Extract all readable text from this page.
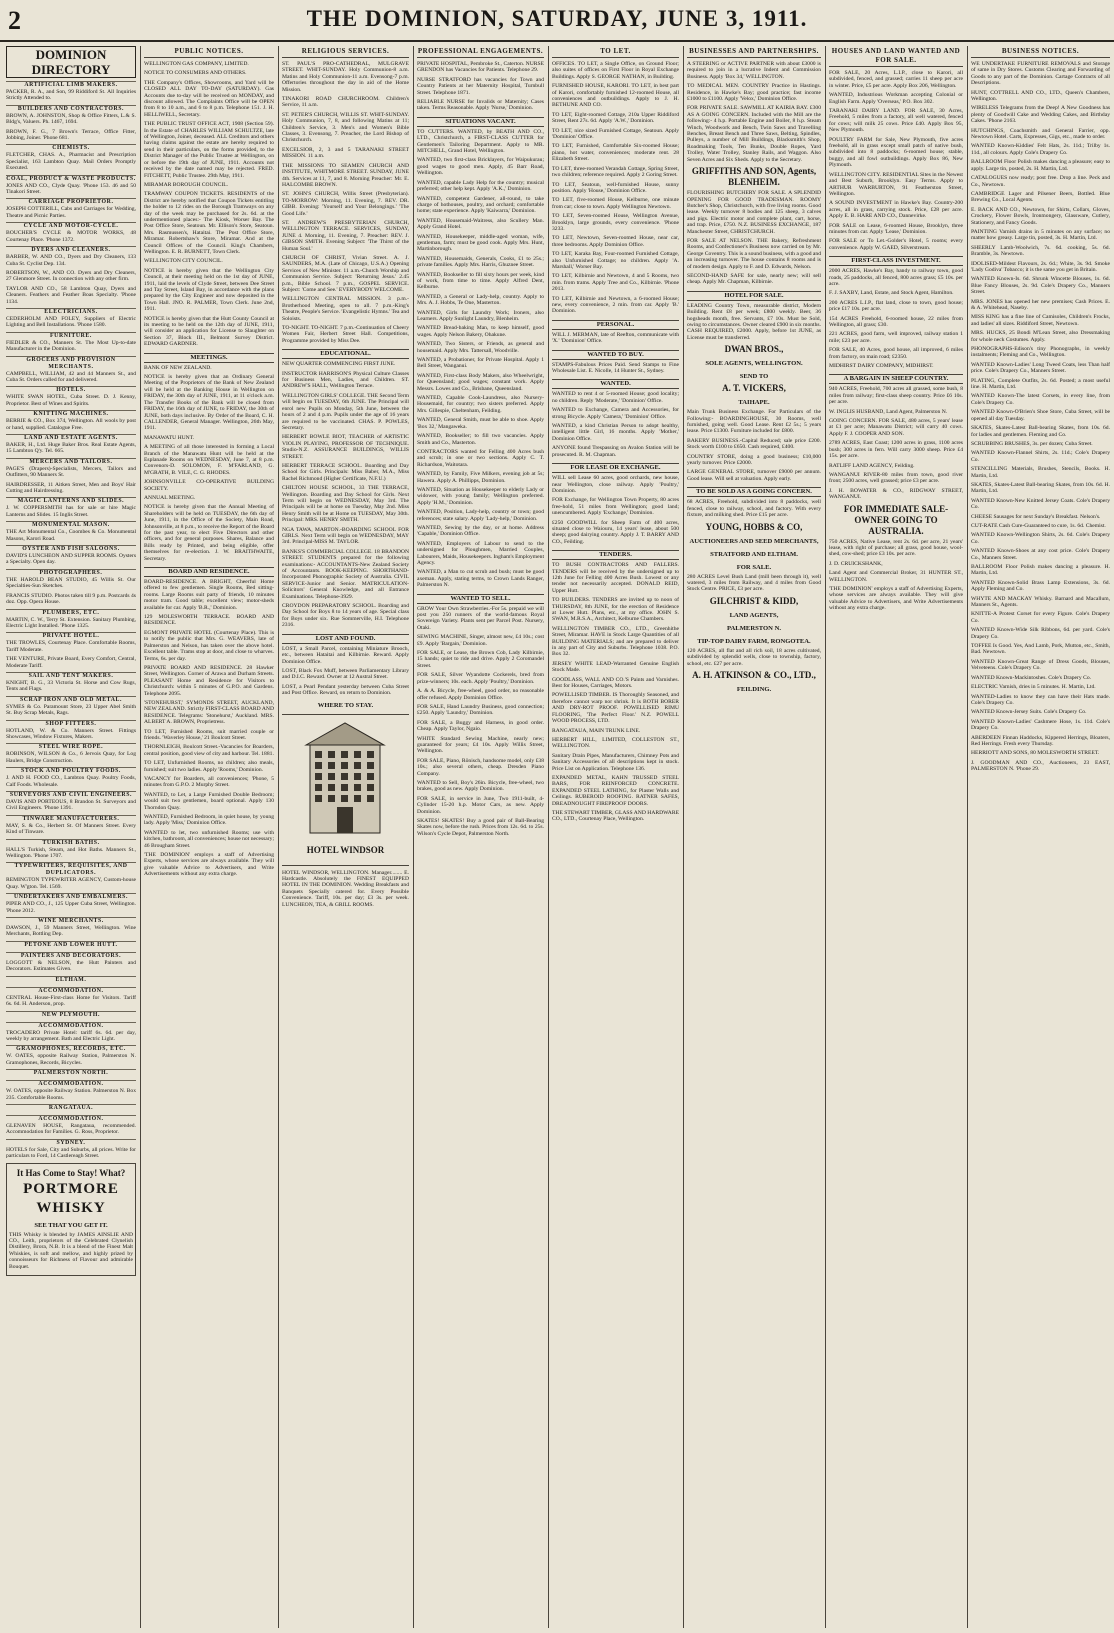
2	THE DOMINION, SATURDAY, JUNE 3, 1911.
DOMINION DIRECTORY
ARTIFICIAL LIMB MAKERS.
PACKER, R. A., and Son, 99 Riddiford St. All Inquiries Strictly Attended to.
BUILDERS AND CONTRACTORS.
BROWN, A. JOHNSTON, Shop & Office Fitters, L.& S. Bldg's, Valuers. Ph. 1467, 1694.
BROWN, F. G., 7 Brown's Terrace, Office Fitter, Jobbing, Joiner. 'Phone 681.
CHEMISTS.
FLETCHER, CHAS. A., Pharmacist and Prescription Specialist, 163 Lambton Quay. Mail Orders Promptly Executed.
COAL, PRODUCT & WASTE PRODUCTS.
JONES AND CO., Clyde Quay. 'Phone 153. 46 and 50 Tinakori Street.
CARRIAGE PROPRIETOR.
JOSEPH COTTERILL, Cabs and Carriages for Wedding, Theatre and Picnic Parties.
CYCLE AND MOTOR-CYCLE.
BOUCHER'S CYCLE & MOTOR WORKS, 48 Courtenay Place. 'Phone 1372.
DYERS AND CLEANERS.
BARBER, W. AND CO., Dyers and Dry Cleaners, 133 Cuba St. Cyclist Dep. 134.
ROBERTSON, W., AND CO. Dyers and Dry Cleaners, 27 Glenmore Street. In connection with any other firm.
TAYLOR AND CO., 58 Lambton Quay, Dyers and Cleaners. Feathers and Feather Boas Specialty. 'Phone 1134.
ELECTRICIANS.
CEDERHOLM AND FOLEY, Suppliers of Electric Lighting and Bell Installations. 'Phone 1580.
FURNITURE.
FIEDLER & CO., Manners St. The Most Up-to-date Manufacturer in the Dominion.
GROCERS AND PROVISION MERCHANTS.
CAMPBELL, WILLIAM, 42 and 44 Manners St., and Cuba St. Orders called for and delivered.
HOTELS.
WHITE SWAN HOTEL, Cuba Street. D. J. Kenny, Proprietor. Best of Wines and Spirits.
KNITTING MACHINES.
BERRIE & CO., Box 374, Wellington. All wools by post or hand, supplied. Catalogue Free.
LAND AND ESTATE AGENTS.
BAKER, H., Ltd. Huge Baker Bros. Real Estate Agents, 15 Lambton Q'y. Tel. 665.
MERCERS AND TAILORS.
PAGE'S (Drapers)-Specialists, Mercers, Tailors and Outfitters, 90 Manners St.
HAIRDRESSER, 11 Aitken Street, Men and Boys' Hair Cutting and Hairdressing.
MAGIC LANTERNS AND SLIDES.
J. W. COPPERSMITH has for sale or hire Magic Lanterns and Slides. 15 Inglis Street.
MONUMENTAL MASON.
THE Art Monumental Co., Coombes & Co. Monumental Masons, Karori Road.
OYSTER AND FISH SALOONS.
DAVID'S LUNCHEON AND SUPPER ROOMS. Oysters a Specialty. Open day.
PHOTOGRAPHERS.
THE HAROLD BEAN STUDIO, 45 Willis St. Our Specialties-Sun Sketches.
FRANCIS STUDIO. Photos taken till 9 p.m. Postcards 4s doz. Opp. Opera House.
PLUMBERS, ETC.
MARTIN, C. W., Terry St. Extension. Sanitary Plumbing, Electric Light Installed. 'Phone 1325.
PRIVATE HOTEL.
THE TROWLES, Courtenay Place. Comfortable Rooms, Tariff Moderate.
THE VENTURE, Private Board, Every Comfort, Central, Moderate Tariff.
SAIL AND TENT MAKERS.
KNIGHT, B. G., 33 Victoria St. Horse and Cow Rugs, Tents and Flags.
SCRAP IRON AND OLD METAL.
SYMES & Co. Paramount Store, 23 Upper Abel Smith St. Buy Scrap Metals, Rags.
SHOP FITTERS.
HOTLAND, W. & Co. Manners Street. Fittings Showcases, Window Fixtures, Makers.
STEEL WIRE ROPE.
ROBINSON, WILSON & Co., 6 Jervois Quay, for Log Haulers, Bridge Construction.
STOCK AND POULTRY FOODS.
J. AND H. FOOD CO., Lambton Quay. Poultry Foods, Calf Foods. Wholesale.
SURVEYORS AND CIVIL ENGINEERS.
DAVIS AND PORTEOUS, 8 Brandon St. Surveyors and Civil Engineers. 'Phone 1391.
TINWARE MANUFACTURERS.
MAY, S. & Co., Herbert St. Of Manners Street. Every Kind of Tinware.
TURKISH BATHS.
HALL'S Turkish, Steam, and Hot Baths. Manners St., Wellington. 'Phone 1707.
TYPEWRITERS, REQUISITES, AND DUPLICATORS.
REMINGTON TYPEWRITER AGENCY, Custom-house Quay. W'gton. Tel. 1569.
UNDERTAKERS AND EMBALMERS.
PIPER AND CO., J., 125 Upper Cuba Street, Wellington. 'Phone 2012.
WINE MERCHANTS.
DAWSON, J., 59 Manners Street, Wellington. Wine Merchants, Bottling Dep.
PETONE AND LOWER HUTT.
PAINTERS AND DECORATORS.
LOGGOTT & NELSON, the Hutt Painters and Decorators. Estimates Given.
ELTHAM.
ACCOMMODATION.
CENTRAL House-First-class Home for Visitors. Tariff 6s. 6d. H. Anderson, prop.
NEW PLYMOUTH.
ACCOMMODATION.
TROCADERO Private Hotel: tariff 6s. 6d. per day, weekly by arrangement. Bath and Electric Light.
GRAMOPHONES, RECORDS, ETC.
W. OATES, opposite Railway Station, Palmerston N. Gramophones, Records, Bicycles.
PALMERSTON NORTH.
ACCOMMODATION.
W. OATES, opposite Railway Station. Palmerston N. Box 235. Comfortable Rooms.
RANGATAUA.
ACCOMMODATION.
GLENAVEN HOUSE, Rangataua, recommended. Accommodation for Families. G. Ross, Proprietor.
SYDNEY.
HOTELS for Sale, City and Suburbs, all prices. Write for particulars to Ford, 14 Castlereagh Street.
It Has Come to Stay! What?
PORTMORE
WHISKY
SEE THAT YOU GET IT.
THIS Whisky is blended by JAMES AINSLIE AND CO., Leith, proprietors of the Celebrated Clynelish Distillery, Brora, N.B. It is a blend of the Finest Malt Whiskies, is soft and mellow, and highly prized by connoisseurs for Richness of Flavour and admirable Bouquet.
PUBLIC NOTICES.
WELLINGTON GAS COMPANY, LIMITED.
NOTICE TO CONSUMERS AND OTHERS.
THE Company's Offices, Showrooms, and Yard will be CLOSED ALL DAY TO-DAY (SATURDAY). Gas Accounts due to-day will be received on MONDAY, and discount allowed. The Complaints Office will be OPEN from 8 to 10 a.m., and 6 to 8 p.m. Telephone 151. J. H. HELLIWELL, Secretary.
THE PUBLIC TRUST OFFICE ACT, 1908 (Section 59). In the Estate of CHARLES WILLIAM SCHULTZE, late of Wellington, Joiner, deceased. ALL Creditors and others having claims against the estate are hereby required to send in their particulars, on the forms provided, to the District Manager of the Public Trustee at Wellington, on or before the 19th day of JUNE, 1911. Accounts not received by the date named may be rejected. FRED. FITCHETT, Public Trustee. 29th May, 1911.
MIRAMAR BOROUGH COUNCIL.
TRAMWAY COUPON TICKETS. RESIDENTS of the District are hereby notified that Coupon Tickets entitling the holder to 12 rides on the Borough Tramways on any day of the week may be purchased for 2s. 6d. at the undermentioned places:- The Kiosk, Worser Bay. The Post Office Store, Seatoun. Mr. Ellison's Store, Seatoun. Mrs. Rasmussen's, Hataitai. The Post Office Store, Miramar. Robertshaw's Store, Miramar. And at the Council Offices of the Council. King's Chambers, Wellington. E. R. BURNETT, Town Clerk.
WELLINGTON CITY COUNCIL.
NOTICE is hereby given that the Wellington City Council, at their meeting held on the 1st day of JUNE, 1911, laid the levels of Clyde Street, between Dee Street and Tay Street, Island Bay, in accordance with the plans prepared by the City Engineer and now deposited in the Town Hall. JNO. R. PALMER, Town Clerk. June 2nd, 1911.
NOTICE is hereby given that the Hutt County Council at its meeting to be held on the 12th day of JUNE, 1911, will consider an application for License to Slaughter on Section 37, Block III., Belmont Survey District. EDWARD GARDNER.
MEETINGS.
BANK OF NEW ZEALAND.
NOTICE is hereby given that an Ordinary General Meeting of the Proprietors of the Bank of New Zealand will be held at the Banking House in Wellington on FRIDAY, the 30th day of JUNE, 1911, at 11 o'clock a.m. The Transfer Books of the Bank will be closed from FRIDAY, the 16th day of JUNE, to FRIDAY, the 30th of JUNE, both days inclusive. By Order of the Board, C. H. CALLENDER, General Manager. Wellington, 26th May, 1911.
MANAWATU HUNT.
A MEETING of all those interested in forming a Local Branch of the Manawatu Hunt will be held at the Esplanade Rooms on WEDNESDAY, June 7, at 8 p.m. Convenors-D. SOLOMON, F. M'FARLAND, G. M'GRATH, B. VILE, C. G. RHODES.
JOHNSONVILLE CO-OPERATIVE BUILDING SOCIETY.
ANNUAL MEETING.
NOTICE is hereby given that the Annual Meeting of Shareholders will be held on TUESDAY, the 6th day of June, 1911, in the Office of the Society, Main Road, Johnsonville, at 8 p.m., to receive the Report of the Board for the past year, to elect Five Directors and other officers, and for general purposes. Shares, Balance and Bills ready by Printed, and being eligible, offer themselves for re-election. J. W. BRAITHWAITE, Secretary.
BOARD AND RESIDENCE.
BOARD-RESIDENCE. A BRIGHT, Cheerful Home offered to few gentlemen. Single Rooms, Bed sitting-rooms. Large Rooms suit party of friends, 10 minutes motor tram. Good table; excellent view; motor-sheds available for car. Apply 'B.R.,' Dominion.
129 MOLESWORTH TERRACE. BOARD AND RESIDENCE.
EGMONT PRIVATE HOTEL (Courtenay Place). This is to notify the public that Mrs. G. WEAVERS, late of Palmerston and Nelson, has taken over the above hotel. Excellent table. Trams stop at door, and close to wharves. Terms, 6s. per day.
PRIVATE BOARD AND RESIDENCE. 28 Hawker Street, Wellington. Corner of Arawa and Durham Streets. PLEASANT Home and Residence for Visitors to Christchurch: within 5 minutes of G.P.O. and Gardens. Telephone 2095.
'STONEHURST,' SYMONDS STREET, AUCKLAND, NEW ZEALAND. Strictly FIRST-CLASS BOARD AND RESIDENCE. Telegrams: 'Stonehurst,' Auckland. MRS. ALBERT A. BROWN, Proprietress.
TO LET, Furnished Rooms, suit married couple or friends. 'Waverley House,' 21 Boulcott Street.
THORNLEIGH, Boulcott Street.-Vacancies for Boarders, central position, good view of city and harbour. Tel. 1881.
TO LET, Unfurnished Rooms, no children; also meals, furnished; suit two ladies. Apply 'Rooms,' Dominion.
VACANCY for Boarders, all conveniences; 'Phone, 5 minutes from G.P.O. 2 Murphy Street.
WANTED, to Let, a Large Furnished Double Bedroom; would suit two gentlemen, board optional. Apply 130 Thorndon Quay.
WANTED, Furnished Bedroom, in quiet house, by young lady. Apply 'Miss,' Dominion Office.
WANTED to let, two unfurnished Rooms; use with kitchen, bathroom, all conveniences; house not necessary; 46 Brougham Street.
'THE DOMINION' employs a staff of Advertising Experts, whose services are always available. They will give valuable Advice to Advertisers, and Write Advertisements without any extra charge.
RELIGIOUS SERVICES.
ST. PAUL'S PRO-CATHEDRAL, MULGRAVE STREET. WHIT-SUNDAY. Holy Communion-8 a.m. Matins and Holy Communion-11 a.m. Evensong-7 p.m. Offertories throughout the day in aid of the Home Mission.
TINAKORI ROAD CHURCHROOM. Children's Service, 11 a.m.
ST. PETER'S CHURCH, WILLIS ST. WHIT-SUNDAY. Holy Communion, 7, 8, and following Matins at 11; Children's Service, 3. Men's and Women's Bible Classes, 3. Evensong, 7. Preacher, the Lord Bishop of Christchurch.
EXCELSIOR, 2, 3 and 5 TARANAKI STREET MISSION. 11 a.m.
THE MISSIONS TO SEAMEN CHURCH AND INSTITUTE, WHITMORE STREET. SUNDAY, JUNE 4th. Services at 11, 7, and 8. Morning Preacher: Mr. E. HALCOMBE BROWN.
ST. JOHN'S CHURCH, Willis Street (Presbyterian). TO-MORROW: Morning, 11. Evening, 7. REV. DR. GIBB. Evening: 'Yourself and Your Belongings.' 'The Good Life.'
ST. ANDREW'S PRESBYTERIAN CHURCH, WELLINGTON TERRACE. SERVICES, SUNDAY, JUNE 4. Morning, 11. Evening, 7. Preacher: REV. J. GIBSON SMITH. Evening Subject: 'The Thirst of the Human Soul.'
CHURCH OF CHRIST, Vivian Street. A. J. SAUNDERS, M.A. (Late of Chicago, U.S.A.) Opening Services of New Minister. 11 a.m.-Church Worship and Communion Service. Subject: 'Returning Jesus.' 2.45 p.m., Bible School. 7 p.m., GOSPEL SERVICE. Subject: 'Come and See.' EVERYBODY WELCOME.
WELLINGTON CENTRAL MISSION. 3 p.m.-Brotherhood Meeting, open to all. 7 p.m.-King's Theatre, People's Service. 'Evangelistic Hymns.' Tea and Soloists.
TO-NIGHT. TO-NIGHT. 7 p.m.-Continuation of Cheery Women Fair, Herbert Street Hall. Competitions, Programme provided by Miss Dee.
EDUCATIONAL.
NEW QUARTER COMMENCING FIRST JUNE.
INSTRUCTOR HARRISON'S Physical Culture Classes for Business Men, Ladies, and Children. ST. ANDREW'S HALL, Wellington Terrace.
WELLINGTON GIRLS' COLLEGE. THE Second Term will begin on TUESDAY, 6th JUNE. The Principal will enrol new Pupils on Monday, 5th June, between the hours of 2 and 4 p.m. Pupils under the age of 16 years are required to be vaccinated. CHAS. P. POWLES, Secretary.
HERBERT BOWLE BIOT, TEACHER of ARTISTIC VIOLIN PLAYING, PROFESSOR OF TECHNIQUE. Studio-N.Z. ASSURANCE BUILDINGS, WILLIS STREET.
HERBERT TERRACE SCHOOL. Boarding and Day School for Girls. Principals: Miss Baber, M.A., Miss Rachel Richmond (Higher Certificate, N.F.U.)
CHILTON HOUSE SCHOOL, 33 THE TERRACE, Wellington. Boarding and Day School for Girls. Next Term will begin on WEDNESDAY, May 3rd. The Principals will be at home on Tuesday, May 2nd. Miss Henry Smith will be at Home on TUESDAY, May 30th. Principal: MRS. HENRY SMITH.
NGA TAWA, MARTON.-BOARDING SCHOOL FOR GIRLS. Next Term will begin on WEDNESDAY, MAY 3rd. Principal-MISS M. TAYLOR.
BANKS'S COMMERCIAL COLLEGE. 18 BRANDON STREET. STUDENTS prepared for the following examinations:- ACCOUNTANTS-New Zealand Society of Accountants. BOOK-KEEPING. SHORTHAND-Incorporated Phonographic Society of Australia. CIVIL SERVICE-Junior and Senior. MATRICULATION-Solicitors' General Knowledge, and all Entrance Examinations. Telephone-3929.
CROYDON PREPARATORY SCHOOL. Boarding and Day School for Boys 8 to 14 years of age. Special class for Boys under six. Rue Sommerville, H.I. Telephone 2316.
LOST AND FOUND.
LOST, a Small Parcel, containing Miniature Brooch, etc., between Hataitai and Kilbirnie. Reward. Apply Dominion Office.
LOST, Black Fox Muff, between Parliamentary Library and D.I.C. Reward. Owner at 12 Austral Street.
LOST, a Pearl Pendant yesterday between Cuba Street and Post Office. Reward, on return to Dominion.
WHERE TO STAY.
HOTEL WINDSOR
HOTEL WINDSOR, WELLINGTON. Manager........ E. Hardcastle. Absolutely the FINEST EQUIPPED HOTEL IN THE DOMINION. Wedding Breakfasts and Banquets Specially catered for. Every Possible Convenience. Tariff, 10s. per day; £3 3s. per week. LUNCHEON, TEA, & GRILL ROOMS.
PROFESSIONAL ENGAGEMENTS.
PRIVATE HOSPITAL, Pembroke St., Caterton. NURSE GRENDON has Vacancies for Patients. Telephone 29.
NURSE STRATFORD has vacancies for Town and Country Patients at her Maternity Hospital, Turnbull Street. Telephone 1871.
RELIABLE NURSE for Invalids or Maternity; Cases taken. Terms Reasonable. Apply 'Nurse,' Dominion.
SITUATIONS VACANT.
TO CUTTERS. WANTED, by BEATH AND CO., LTD., Christchurch, a FIRST-CLASS CUTTER for Gentlemen's Tailoring Department. Apply to MR. MITCHELL, Grand Hotel, Wellington.
WANTED, two first-class Bricklayers, for Waipukurau; good wages to good men. Apply, 45 Barr Road, Wellington.
WANTED, capable Lady Help for the country; musical preferred; other help kept. Apply 'A.K.,' Dominion.
WANTED, competent Gardener, all-round, to take charge of hothouses, poultry, and orchard; comfortable home; state experience. Apply 'Kaiwarra,' Dominion.
WANTED, Housemaid-Waitress, also Scullery Man. Apply Grand Hotel.
WANTED, Housekeeper, middle-aged woman, wife, gentleman, farm; must be good cook. Apply Mrs. Hunt, Martinborough.
WANTED, Housemaids, Generals, Cooks, £1 to 25s.; private families. Apply Mrs. Harris, Ghuznee Street.
WANTED, Bookseller to fill sixty hours per week, kind of work, from time to time. Apply Alfred Dent, Kelburne.
WANTED, a General or Lady-help, country. Apply to Mrs. A. J. Hobbs, Te One, Masterton.
WANTED, Girls for Laundry Work; Ironers, also Learners. Apply Sunlight Laundry, Blenheim.
WANTED Bread-baking Man, to keep himself, good wages. Apply Nelson Bakery, Ohakune.
WANTED, Two Sisters, or Friends, as general and housemaid. Apply Mrs. Tattersall, Woodville.
WANTED, a Probationer, for Private Hospital. Apply 1 Bell Street, Wanganui.
WANTED, First-class Body Makers, also Wheelwright, for Queensland; good wages; constant work. Apply Messrs. Lowes and Co., Brisbane, Queensland.
WANTED, Capable Cook-Laundress, also Nursery-Housemaid, for country; two sisters preferred. Apply Mrs. Gillespie, Cheltenham, Feilding.
WANTED, General Smith, must be able to shoe. Apply 'Box 32,' Mangaweka.
WANTED, Bookseller; to fill two vacancies. Apply Smith and Co., Masterton.
CONTRACTORS wanted for Felling 400 Acres bush and scrub; in one or two sections. Apply C. T. Richardson, Waitotara.
WANTED, by Family, Five Milkers, evening job at 5s; Hawera. Apply A. Phillipps, Dominion.
WANTED, Situation as Housekeeper to elderly Lady or widower, with young family; Wellington preferred. Apply 'H.M.,' Dominion.
WANTED, Position, Lady-help, country or town; good references; state salary. Apply 'Lady-help,' Dominion.
WANTED, Sewing by the day, or at home. Address 'Capable,' Dominion Office.
WANTED, Employers of Labour to send to the undersigned for Ploughmen, Married Couples, Labourers, Maids, Housekeepers. Ingham's Employment Agency.
WANTED, a Man to cut scrub and bush; must be good axeman. Apply, stating terms, to Crown Lands Ranger, Palmerston N.
WANTED TO SELL.
GROW Your Own Strawberries.-For 5s. prepaid we will post you 250 runners of the world-famous Royal Sovereign Variety. Plants sent per Parcel Post. Nursery, Otaki.
SEWING MACHINE, Singer, almost new, £4 10s.; cost £9. Apply 'Bargain,' Dominion.
FOR SALE, or Lease, the Brown Cob, Lady Kilbirnie, 15 hands; quiet to ride and drive. Apply 2 Coromandel Street.
FOR SALE, Silver Wyandotte Cockerels, bred from prize-winners; 10s. each. Apply 'Poultry,' Dominion.
A. & A. Bicycle, free-wheel, good order, no reasonable offer refused. Apply Dominion Office.
FOR SALE, Hand Laundry Business, good connection; £250. Apply 'Laundry,' Dominion.
FOR SALE, a Buggy and Harness, in good order. Cheap. Apply Taylor, Ngaio.
WHITE Standard Sewing Machine, nearly new; guaranteed for years; £4 10s. Apply Willis Street, Wellington.
FOR SALE, Piano, Rönisch, handsome model, only £38 10s.; also several others, cheap. Dresden Piano Company.
WANTED to Sell, Boy's 26in. Bicycle, free-wheel, two brakes, good as new. Apply Dominion.
FOR SALE, in service in June, Two 1911-built, 4-Cylinder 15-20 h.p. Motor Cars, as new. Apply Dominion.
SKATES! SKATES! Buy a good pair of Ball-Bearing Skates now, before the rush. Prices from 12s. 6d. to 25s. Wilson's Cycle Depot, Palmerston North.
TO LET.
OFFICES. TO LET, a Single Office, on Ground Floor; also suites of offices on First Floor in Royal Exchange Buildings. Apply S. GEORGE NATHAN, in Building.
FURNISHED HOUSE, KARORI. TO LET, in best part of Karori, comfortably furnished 12-roomed House, all conveniences and outbuildings. Apply to J. H. BETHUNE AND CO.
TO LET, Eight-roomed Cottage, 210a Upper Riddiford Street, Rent 27s. 6d. Apply 'A.W.,' Dominion.
TO LET, nice sized Furnished Cottage, Seatoun. Apply 'Dominion' Office.
TO LET, Furnished, Comfortable Six-roomed House; piano, hot water, conveniences; moderate rent. 28 Elizabeth Street.
TO LET, three-roomed Verandah Cottage, Spring Street, two children; reference required. Apply 2 Goring Street.
TO LET, Seatoun, well-furnished House, sunny position. Apply 'House,' Dominion Office.
TO LET, five-roomed House, Kelburne, one minute from car; close to town. Apply Wellington Newtown.
TO LET, Seven-roomed House, Wellington Avenue, Brooklyn, large grounds, every convenience. 'Phone 3233.
TO LET, Newtown, Seven-roomed House, near car, three bedrooms. Apply Dominion Office.
TO LET, Karaka Bay, Four-roomed Furnished Cottage, also Unfurnished Cottage; no children. Apply 'A. Marshall,' Worser Bay.
TO LET, Kilbirnie and Newtown, 4 and 5 Rooms, two min. from trams. Apply Tree and Co., Kilbirnie. 'Phone 2013.
TO LET, Kilbirnie and Newtown, a 6-roomed House; new, every convenience, 2 min. from car. Apply 'B.' Dominion.
PERSONAL.
WILL J. MERMAN, late of Reefton, communicate with 'X.' 'Dominion' Office.
WANTED TO BUY.
STAMPS-Fabulous Prices Paid. Send Stamps to Fine Wholesale List. E. Nicolle, 14 Hunter St., Sydney.
WANTED.
WANTED to rent 4 or 5-roomed House; good locality; no children. Reply 'Moderate,' 'Dominion' Office.
WANTED to Exchange, Camera and Accessories, for strong Bicycle. Apply 'Camera,' 'Dominion' Office.
WANTED, a kind Christian Person to adopt healthy, intelligent little Girl, 16 months. Apply 'Mother,' Dominion Office.
ANYONE found Trespassing on Avalon Station will be prosecuted. R. M. Chapman.
FOR LEASE OR EXCHANGE.
WILL sell Lease 60 acres, good orchards, new house, near Wellington, close railway. Apply 'Poultry,' Dominion.
FOR Exchange, for Wellington Town Property, 80 acres free-hold, 51 miles from Wellington; good land; unencumbered. Apply 'Exchange,' Dominion.
£250 GOODWILL for Sheep Farm of 400 acres, situated close to Waiouru, 14 years' lease, about 500 sheep; good dairying country. Apply J. T. BARRY AND CO., Feilding.
TENDERS.
TO BUSH CONTRACTORS AND FALLERS. TENDERS will be received by the undersigned up to 12th June for Felling 400 Acres Bush. Lowest or any tender not necessarily accepted. DONALD REID, Upper Hutt.
TO BUILDERS. TENDERS are invited up to noon of THURSDAY, 8th JUNE, for the erection of Residence at Lower Hutt. Plans, etc., at my office. JOHN S. SWAN, M.R.S.A., Architect, Kelburne Chambers.
WELLINGTON TIMBER CO., LTD., Greenhithe Street, Miramar. HAVE in Stock Large Quantities of all BUILDING MATERIALS; and are prepared to deliver in any part of City and Suburbs. Telephone 1038. P.O. Box 32.
JERSEY WHITE LEAD-Warranted Genuine English Stock Made.
GOODLASS, WALL AND CO.'S Paints and Varnishes. Best for Houses, Carriages, Motors.
POWELLISED TIMBER. IS Thoroughly Seasoned, and therefore cannot warp nor shrink. It is BOTH BORER AND DRY-ROT PROOF. POWELLISED RIMU FLOORING, 'The Perfect Floor.' N.Z. POWELL WOOD PROCESS, LTD.
RANGATAUA, MAIN TRUNK LINE.
HERBERT HILL, LIMITED, COLLESTON ST., WELLINGTON.
Sanitary Drain Pipes, Manufacturers, Chimney Pots and Sanitary Accessories of all descriptions kept in stock. Price List on Application. Telephone 136.
EXPANDED METAL, KAHN TRUSSED STEEL BARS, FOR REINFORCED CONCRETE. EXPANDED STEEL LATHING, for Plaster Walls and Ceilings. RUBEROID ROOFING. RATNER SAFES, DREADNOUGHT FIREPROOF DOORS.
THE STEWART TIMBER, GLASS AND HARDWARE CO., LTD., Courtenay Place, Wellington.
BUSINESSES AND PARTNERSHIPS.
A STEERING or ACTIVE PARTNER with about £3000 is required to join in a lucrative Indent and Commission Business. Apply 'Box 34,' WELLINGTON.
TO MEDICAL MEN. COUNTRY Practice in Hastings. Residence, in Hawke's Bay; good practice; fast income £1000 to £1100. Apply 'Velox,' Dominion Office.
FOR PRIVATE SALE. SAWMILL AT KAIRIA BAY. £300 AS A GOING CONCERN. Included with the Mill are the following:- 4 h.p. Portable Engine and Boiler, 8 h.p. Steam Winch, Woodwork and Bench, Twin Saws and Travelling Benches, Breast Bench and Three Saws, Belting, Spindles, Pulleys, a number of Mill Buildings, Blacksmith's Shop, Roadmaking Tools, Ten Bunks, Double Ropes, Yard Trolley, Water Trolley, Stanley Rails, and Waggon. Also Seven Acres and Six Sheds. Apply to the Secretary.
GRIFFITHS AND SON, Agents, BLENHEIM.
FLOURISHING BUTCHERY FOR SALE. A SPLENDID OPENING FOR GOOD TRADESMAN. ROOMY Butcher's Shop, Christchurch, with five living rooms. Good lease. Weekly turnover 8 bodies and 125 sheep, 3 calves and pigs. Electric motor and complete plant, cart, horse, and trap. Price, £750. N.Z. BUSINESS EXCHANGE, 187 Manchester Street, CHRISTCHURCH.
FOR SALE AT NELSON. THE Bakery, Refreshment Rooms, and Confectioner's Business now carried on by Mr. George Coventry. This is a sound business, with a good and an increasing turnover. The house contains 8 rooms and is of modern design. Apply to F. and D. Edwards, Nelson.
SECOND-HAND SAFE for sale, nearly new; will sell cheap. Apply Mr. Chapman, Kilbirnie.
HOTEL FOR SALE.
LEADING Country Town, measurable district, Modern Building. Rent £8 per week; £800 weekly. Beer, 36 hogsheads month, free. Servants, £7 10s. Must be Sold, owing to circumstances. Owner cleared £900 in six months. CASH REQUIRED, £2000. Apply, before 1st JUNE, as License must be transferred.
DWAN BROS.,
SOLE AGENTS, WELLINGTON.
SEND TO
A. T. VICKERS,
TAIHAPE.
Main Trunk Business Exchange. For Particulars of the Following:- BOARDINGHOUSE, 30 Rooms, well furnished, going well. Good Lease. Rent £2 5s.; 5 years lease. Price £1300. Furniture included for £800.
BAKERY BUSINESS.-Capital Reduced; sale price £200. Stock worth £100 to £650. Cash required, £400.
COUNTRY STORE, doing a good business; £10,000 yearly turnover. Price £2000.
LARGE GENERAL STORE, turnover £9000 per annum. Good lease. Will sell at valuation. Apply early.
TO BE SOLD AS A GOING CONCERN.
68 ACRES, Freehold, subdivided into 8 paddocks, well fenced, close to railway, school, and factory. With every fixture, and milking shed. Price £15 per acre.
YOUNG, HOBBS & CO,
AUCTIONEERS AND SEED MERCHANTS,
STRATFORD AND ELTHAM.
FOR SALE.
280 ACRES Level Bush Land (mill been through it), well watered, 3 miles from Railway, and 4 miles from Good Stock Centre. PRICE, £3 per acre.
GILCHRIST & KIDD,
LAND AGENTS,
PALMERSTON N.
TIP-TOP DAIRY FARM, RONGOTEA.
120 ACRES, all flat and all rich soil, 18 acres cultivated, subdivided by splendid wells, close to township, factory, school, etc. £27 per acre.
A. H. ATKINSON & CO., LTD.,
FEILDING.
HOUSES AND LAND WANTED AND FOR SALE.
FOR SALE, 20 Acres, L.I.P., close to Karori, all subdivided, fenced, and grassed; carries 11 sheep per acre in winter. Price, £5 per acre. Apply Box 206, Wellington.
WANTED, Industrious Workman accepting Colonial or English Farm. Apply 'Overseas,' P.O. Box 302.
TARANAKI DAIRY LAND. FOR SALE, 30 Acres, Freehold, 5 miles from a factory, all well watered, fenced for cows; will milk 25 cows. Price £40. Apply Box 95, New Plymouth.
POULTRY FARM for Sale, New Plymouth, five acres freehold, all in grass except small patch of native bush, subdivided into 8 paddocks; 6-roomed house; stable, buggy, and all fowl outbuildings. Apply Box 86, New Plymouth.
WELLINGTON CITY. RESIDENTIAL Sites in the Newest and Best Suburb, Brooklyn. Easy Terms. Apply to ARTHUR WARBURTON, 91 Featherston Street, Wellington.
A SOUND INVESTMENT in Hawke's Bay. Country-200 acres, all in grass, carrying stock. Price, £28 per acre. Apply E. B. HARE AND CO., Dannevirke.
FOR SALE on Lease, 6-roomed House, Brooklyn, three minutes from car. Apply 'Lease,' Dominion.
FOR SALE or To Let.-Golder's Hotel, 5 rooms; every convenience. Apply W. GAED, Silverstream.
FIRST-CLASS INVESTMENT.
2000 ACRES, Hawke's Bay, handy to railway town, good roads, 25 paddocks, all fenced, 800 acres grass; £5 10s. per acre.
F. J. SAXBY, Land, Estate, and Stock Agent, Hamilton.
200 ACRES L.I.P., flat land, close to town, good house; price £17 10s. per acre.
154 ACRES Freehold, 6-roomed house, 22 miles from Wellington, all grass; £30.
221 ACRES, good farm, well improved, railway station 1 mile; £23 per acre.
FOR SALE, 40 Acres, good house, all improved, 6 miles from factory, on main road; £2350.
MIDHIRST DAIRY COMPANY, MIDHIRST.
A BARGAIN IN SHEEP COUNTRY.
940 ACRES, Freehold, 700 acres all grassed, some bush, 8 miles from railway; first-class sheep country. Price £6 10s. per acre.
W. INGLIS HUSBAND, Land Agent, Palmerston N.
GOING CONCERN. FOR SALE, 480 acres, 5 years' lease at £1 per acre; Manawatu District; will carry 40 cows. Apply F. J. COOPER AND SON.
2789 ACRES, East Coast; 1200 acres in grass, 1100 acres bush; 300 acres in fern. Will carry 3000 sheep. Price £4 15s. per acre.
RATLIFF LAND AGENCY, Feilding.
WANGANUI RIVER-80 miles from town, good river front; 2500 acres, well grassed; price £3 per acre.
J. H. BOWATER & CO., RIDGWAY STREET, WANGANUI.
FOR IMMEDIATE SALE-OWNER GOING TO AUSTRALIA.
750 ACRES, Native Lease, rent 2s. 6d. per acre, 21 years' lease, with right of purchase; all grass, good house, wool-shed, cow-shed; price £3 10s. per acre.
J. D. CRUICKSHANK,
Land Agent and Commercial Broker, 31 HUNTER ST., WELLINGTON.
'THE DOMINION' employs a staff of Advertising Experts, whose services are always available. They will give valuable Advice to Advertisers, and Write Advertisements without any extra charge.
BUSINESS NOTICES.
WE UNDERTAKE FURNITURE REMOVALS and Storage of same in Dry Stores. Customs Clearing and Forwarding of Goods to any part of the Dominion. Cartage Contracts of all Descriptions.
HUNT, COTTRELL AND CO., LTD., Queen's Chambers, Wellington.
WIRELESS Telegrams from the Deep! A New Goodness has plenty of Goodwill Cake and Wedding Cakes, and Birthday Cakes. 'Phone 2163.
HUTCHINGS, Coachsmith and General Farrier, opp. Newtown Hotel. Carts, Expresses, Gigs, etc., made to order.
WANTED Known-Kiddies' Felt Hats, 2s. 11d.; Trilby 1s. 11d., all colours. Apply Cole's Drapery Co.
BALLROOM Floor Polish makes dancing a pleasure; easy to apply. Large tin, posted, 2s. H. Martin, Ltd.
CATALOGUES now ready; post free. Drop a line. Peck and Co., Newtown.
CAMBRIDGE Lager and Pilsener Beers, Bottled. Blue Brewing Co., Local Agents.
E. BACK AND CO., Newtown, for Shirts, Collars, Gloves, Crockery, Flower Bowls, Ironmongery, Glassware, Cutlery, Stationery, and Fancy Goods.
PAINTING Varnish drains in 5 minutes on any surface; no matter how greasy. Large tin, posted, 3s. H. Martin, Ltd.
SHEERLY Lamb-Woolwich, 7s. 6d. cooking, 5s. 6d. Bramble, 3s. Newtown.
IDOLISED-Mildest Flavours, 2s. 6d.; White, 3s. 9d. Smoke 'Lady Godiva' Tobacco; it is the same you get in Britain.
WANTED Known-Is. 6d. Shrunk Wincette Blouses, 1s. 6d. Blue Fancy Blouses, 2s. 9d. Cole's Drapery Co., Manners Street.
MRS. JONES has opened her new premises; Cash Prices. E. & A. Whitehead, Naseby.
MISS KING has a fine line of Camisoles, Children's Frocks, and ladies' all sizes. Riddiford Street, Newtown.
MRS. HUCKS, 25 Bondi M'Lean Street, also Dressmaking for whole neck Costumes. Apply.
PHONOGRAPHS-Edison's tiny Phonographs, in weekly instalments; Fleming and Co., Wellington.
WANTED Known-Ladies' Long Tweed Coats, less Than half price. Cole's Drapery Co., Manners Street.
PLATING, Complete Outfits, 2s. 6d. Posted; a most useful line. H. Martin, Ltd.
WANTED Known-The latest Corsets, in every line, from Cole's Drapery Co.
WANTED Known-O'Brien's Shoe Store, Cuba Street, will be opened all day Tuesday.
SKATES, Skates-Latest Ball-bearing Skates, from 10s. 6d. for ladies and gentlemen. Fleming and Co.
SCRUBBING BRUSHES, 3s. per dozen; Cuba Street.
WANTED Known-Flannel Shirts, 2s. 11d.; Cole's Drapery Co.
STENCILLING Materials, Brushes, Stencils, Books. H. Martin, Ltd.
SKATES, Skates-Latest Ball-bearing Skates, from 10s. 6d. H. Martin, Ltd.
WANTED Known-New Knitted Jersey Coats. Cole's Drapery Co.
CHEESE Sausages for next Sunday's Breakfast. Nelson's.
CUT-RATE Cash Cure-Guaranteed to cure, 1s. 6d. Chemist.
WANTED Known-Wellington Shirts, 2s. 6d. Cole's Drapery Co.
WANTED Known-Shoes at any cost price. Cole's Drapery Co., Manners Street.
BALLROOM Floor Polish makes dancing a pleasure. H. Martin, Ltd.
WANTED Known-Solid Brass Lamp Extensions, 3s. 6d. Apply Fleming and Co.
WHYTE AND MACKAY Whisky. Barnard and Macallum, Manners St., Agents.
KNITTE-A Protest Corset for every Figure. Cole's Drapery Co.
WANTED Known-Wide Silk Ribbons, 6d. per yard. Cole's Drapery Co.
TOFFEE Is Good. Yes, And Lamb, Pork, Mutton, etc., Smith, Bad. Newtown.
WANTED Known-Great Range of Dress Goods, Blouses, Velveteens. Cole's Drapery Co.
WANTED Known-Mackintoshes. Cole's Drapery Co.
ELECTRIC Varnish, dries in 5 minutes. H. Martin, Ltd.
WANTED-Ladies to know they can have their Hats made. Cole's Drapery Co.
WANTED Known-Jersey Suits. Cole's Drapery Co.
WANTED Known-Ladies' Cashmere Hose, 1s. 11d. Cole's Drapery Co.
ABERDEEN Finnan Haddocks, Kippered Herrings, Bloaters, Red Herrings. Fresh every Thursday.
HERRIOTT AND SONS, 80 MOLESWORTH STREET.
J. GOODMAN AND CO., Auctioneers, 23 EAST, PALMERSTON N. 'Phone 29.
